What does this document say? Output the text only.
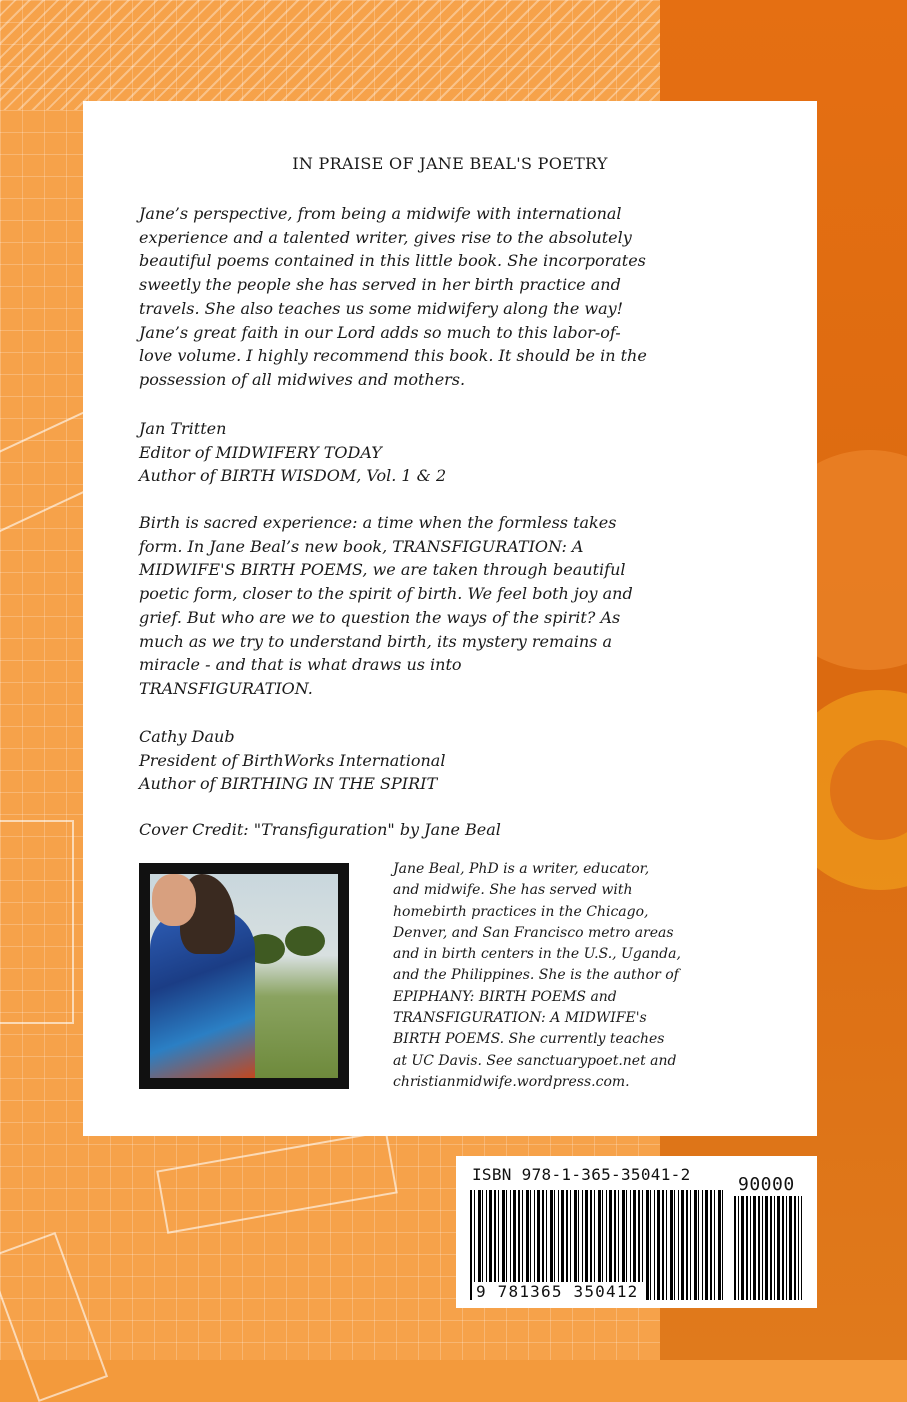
IN PRAISE OF JANE BEAL'S POETRY
Jane’s perspective, from being a midwife with international
experience and a talented writer, gives rise to the absolutely
beautiful poems contained in this little book. She incorporates
sweetly the people she has served in her birth practice and
travels. She also teaches us some midwifery along the way!
Jane’s great faith in our Lord adds so much to this labor-of-
love volume. I highly recommend this book. It should be in the
possession of all midwives and mothers.
Jan Tritten
Editor of MIDWIFERY TODAY
Author of BIRTH WISDOM, Vol. 1 & 2
Birth is sacred experience: a time when the formless takes
form. In Jane Beal’s new book, TRANSFIGURATION: A
MIDWIFE'S BIRTH POEMS, we are taken through beautiful
poetic form, closer to the spirit of birth. We feel both joy and
grief. But who are we to question the ways of the spirit? As
much as we try to understand birth, its mystery remains a
miracle - and that is what draws us into
TRANSFIGURATION.
Cathy Daub
President of BirthWorks International
Author of BIRTHING IN THE SPIRIT
Cover Credit: "Transfiguration" by Jane Beal
Jane Beal, PhD is a writer, educator,
and midwife. She has served with
homebirth practices in the Chicago,
Denver, and San Francisco metro areas
and in birth centers in the U.S., Uganda,
and the Philippines. She is the author of
EPIPHANY: BIRTH POEMS and
TRANSFIGURATION: A MIDWIFE's
BIRTH POEMS. She currently teaches
at UC Davis. See sanctuarypoet.net and
christianmidwife.wordpress.com.
ISBN 978-1-365-35041-2
9 781365 350412
90000
